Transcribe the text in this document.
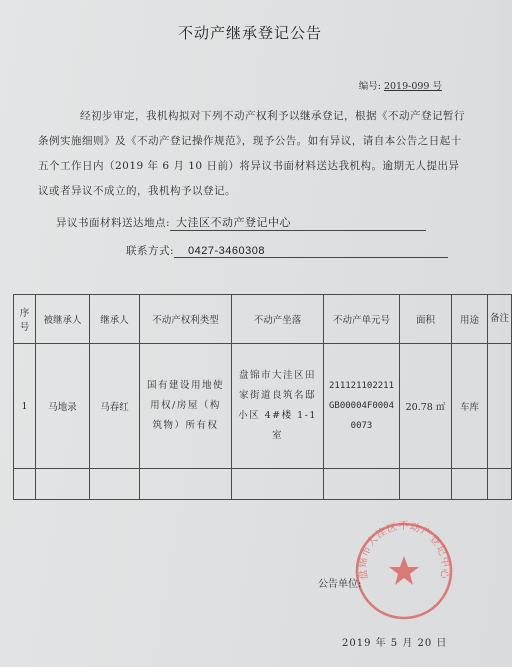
不动产继承登记公告
编号: 2019-099 号

经初步审定，我机构拟对下列不动产权利予以继承登记，根据《不动产登记暂行条例实施细则》及《不动产登记操作规范》，现予公告。如有异议，请自本公告之日起十五个工作日内（2019 年 6 月 10 日前）将异议书面材料送达我机构。逾期无人提出异议或者异议不成立的，我机构予以登记。

异议书面材料送达地点: 大洼区不动产登记中心
联系方式: 0427-3460308
序号	被继承人	继承人	不动产权利类型	不动产坐落	不动产单元号	面积	用途	备注
1	马地录	马春红	国有建设用地使用权/房屋（构筑物）所有权	盘锦市大洼区田家街道良筑名邸小区 4#楼 1-1 室	211121102211GB00004F00040073	20.78 ㎡	车库	

盘锦市大洼区不动产登记中心
公告单位:
2019 年 5 月 20 日
